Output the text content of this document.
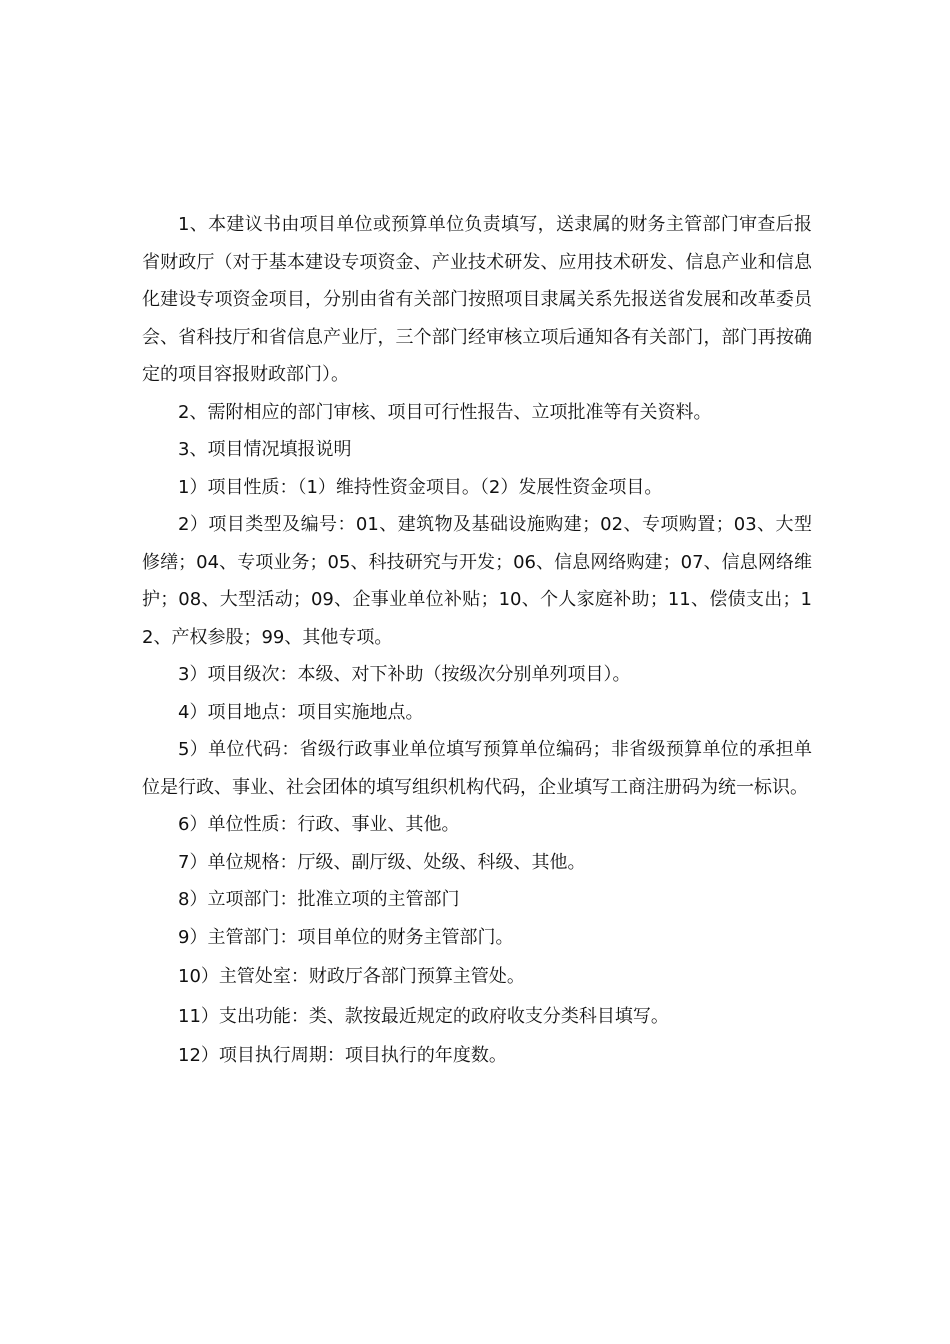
1、本建议书由项目单位或预算单位负责填写，送隶属的财务主管部门审查后报省财政厅（对于基本建设专项资金、产业技术研发、应用技术研发、信息产业和信息化建设专项资金项目，分别由省有关部门按照项目隶属关系先报送省发展和改革委员会、省科技厅和省信息产业厅，三个部门经审核立项后通知各有关部门，部门再按确定的项目容报财政部门）。

2、需附相应的部门审核、项目可行性报告、立项批准等有关资料。

3、项目情况填报说明

1）项目性质：（1）维持性资金项目。（2）发展性资金项目。

2）项目类型及编号：01、建筑物及基础设施购建；02、专项购置；03、大型修缮；04、专项业务；05、科技研究与开发；06、信息网络购建；07、信息网络维护；08、大型活动；09、企事业单位补贴；10、个人家庭补助；11、偿债支出；12、产权参股；99、其他专项。

3）项目级次：本级、对下补助（按级次分别单列项目）。

4）项目地点：项目实施地点。

5）单位代码：省级行政事业单位填写预算单位编码；非省级预算单位的承担单位是行政、事业、社会团体的填写组织机构代码，企业填写工商注册码为统一标识。

6）单位性质：行政、事业、其他。

7）单位规格：厅级、副厅级、处级、科级、其他。

8）立项部门：批准立项的主管部门

9）主管部门：项目单位的财务主管部门。

10）主管处室：财政厅各部门预算主管处。

11）支出功能：类、款按最近规定的政府收支分类科目填写。

12）项目执行周期：项目执行的年度数。
